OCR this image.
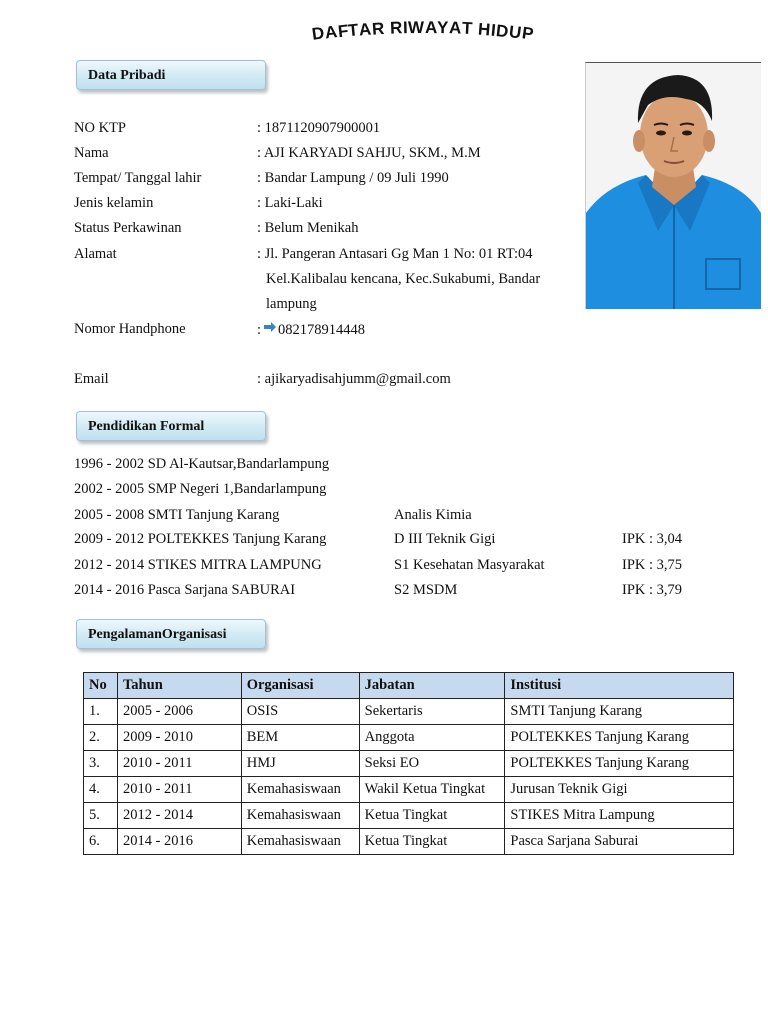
D
A
F
T
A
R
R I W A Y A T
H
I
D
U
P
Data Pribadi
NO KTP	: 1871120907900001
Nama	: AJI KARYADI SAHJU, SKM., M.M
Tempat/ Tanggal lahir	: Bandar Lampung / 09 Juli 1990
Jenis kelamin	: Laki-Laki
Status Perkawinan	: Belum Menikah
Alamat	: Jl. Pangeran Antasari Gg Man 1 No: 01 RT:04
Kel.Kalibalau kencana, Kec.Sukabumi, Bandar
lampung
Nomor Handphone	: 082178914448
Email	: ajikaryadisahjumm@gmail.com
Pendidikan Formal
1996 - 2002 SD Al-Kautsar,Bandarlampung
2002 - 2005 SMP Negeri 1,Bandarlampung
2005 - 2008 SMTI Tanjung Karang	Analis Kimia
2009 - 2012 POLTEKKES Tanjung Karang	D III Teknik Gigi	IPK : 3,04
2012 - 2014 STIKES MITRA LAMPUNG	S1 Kesehatan Masyarakat	IPK : 3,75
2014 - 2016 Pasca Sarjana SABURAI	S2 MSDM	IPK : 3,79
PengalamanOrganisasi
No	Tahun	Organisasi	Jabatan	Institusi
1.	2005 - 2006	OSIS	Sekertaris	SMTI Tanjung Karang
2.	2009 - 2010	BEM	Anggota	POLTEKKES Tanjung Karang
3.	2010 - 2011	HMJ	Seksi EO	POLTEKKES Tanjung Karang
4.	2010 - 2011	Kemahasiswaan	Wakil Ketua Tingkat	Jurusan Teknik Gigi
5.	2012 - 2014	Kemahasiswaan	Ketua Tingkat	STIKES Mitra Lampung
6.	2014 - 2016	Kemahasiswaan	Ketua Tingkat	Pasca Sarjana Saburai
